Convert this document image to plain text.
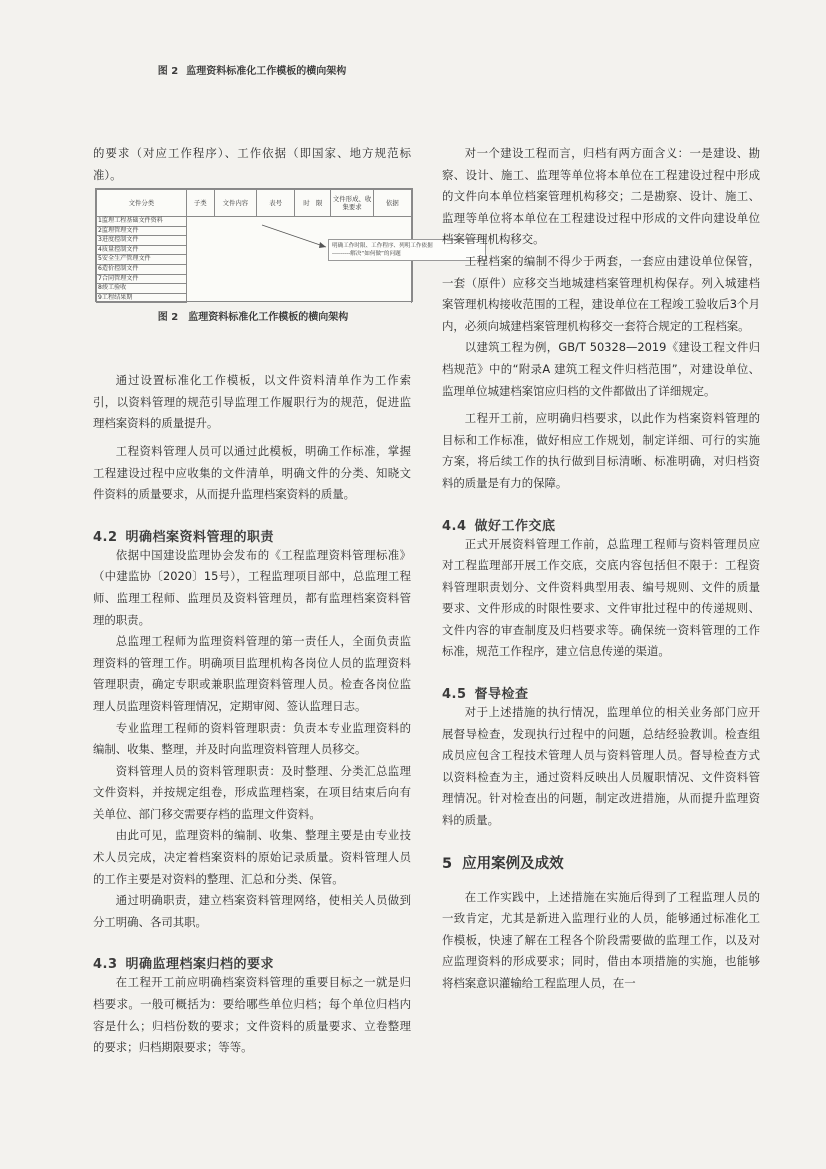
图 2 监理资料标准化工作模板的横向架构
文件分类	子类	文件内容	表号	时　限	文件形成、收集要求	依据
1监理工程基础文件资料						
2监理管理文件						
3进度控制文件						
4质量控制文件						
5安全生产管理文件						
6造价控制文件						
7合同管理文件						
8竣工验收						
9工程结果期						
明确工作时限、工作程序、列明工作依据
---------解决“如何做”的问题
图 2 监理资料标准化工作模板的横向架构

的要求（对应工作程序）、工作依据（即国家、地方规范标准）。

通过设置标准化工作模板，以文件资料清单作为工作索引，以资料管理的规范引导监理工作履职行为的规范，促进监理档案资料的质量提升。

工程资料管理人员可以通过此模板，明确工作标准，掌握工程建设过程中应收集的文件清单，明确文件的分类、知晓文件资料的质量要求，从而提升监理档案资料的质量。

4.2 明确档案资料管理的职责

依据中国建设监理协会发布的《工程监理资料管理标准》（中建监协〔2020〕15号），工程监理项目部中，总监理工程师、监理工程师、监理员及资料管理员，都有监理档案资料管理的职责。

总监理工程师为监理资料管理的第一责任人，全面负责监理资料的管理工作。明确项目监理机构各岗位人员的监理资料管理职责，确定专职或兼职监理资料管理人员。检查各岗位监理人员监理资料管理情况，定期审阅、签认监理日志。

专业监理工程师的资料管理职责：负责本专业监理资料的编制、收集、整理，并及时向监理资料管理人员移交。

资料管理人员的资料管理职责：及时整理、分类汇总监理文件资料，并按规定组卷，形成监理档案，在项目结束后向有关单位、部门移交需要存档的监理文件资料。

由此可见，监理资料的编制、收集、整理主要是由专业技术人员完成，决定着档案资料的原始记录质量。资料管理人员的工作主要是对资料的整理、汇总和分类、保管。

通过明确职责，建立档案资料管理网络，使相关人员做到分工明确、各司其职。

4.3 明确监理档案归档的要求

在工程开工前应明确档案资料管理的重要目标之一就是归档要求。一般可概括为：要给哪些单位归档；每个单位归档内容是什么；归档份数的要求；文件资料的质量要求、立卷整理的要求；归档期限要求；等等。

对一个建设工程而言，归档有两方面含义：一是建设、勘察、设计、施工、监理等单位将本单位在工程建设过程中形成的文件向本单位档案管理机构移交；二是勘察、设计、施工、监理等单位将本单位在工程建设过程中形成的文件向建设单位档案管理机构移交。

工程档案的编制不得少于两套，一套应由建设单位保管，一套（原件）应移交当地城建档案管理机构保存。列入城建档案管理机构接收范围的工程，建设单位在工程竣工验收后3个月内，必须向城建档案管理机构移交一套符合规定的工程档案。

以建筑工程为例，GB/T 50328—2019《建设工程文件归档规范》中的“附录A 建筑工程文件归档范围”，对建设单位、监理单位城建档案馆应归档的文件都做出了详细规定。

工程开工前，应明确归档要求，以此作为档案资料管理的目标和工作标准，做好相应工作规划，制定详细、可行的实施方案，将后续工作的执行做到目标清晰、标准明确，对归档资料的质量是有力的保障。

4.4 做好工作交底

正式开展资料管理工作前，总监理工程师与资料管理员应对工程监理部开展工作交底，交底内容包括但不限于：工程资料管理职责划分、文件资料典型用表、编号规则、文件的质量要求、文件形成的时限性要求、文件审批过程中的传递规则、文件内容的审查制度及归档要求等。确保统一资料管理的工作标准，规范工作程序，建立信息传递的渠道。

4.5 督导检查

对于上述措施的执行情况，监理单位的相关业务部门应开展督导检查，发现执行过程中的问题，总结经验教训。检查组成员应包含工程技术管理人员与资料管理人员。督导检查方式以资料检查为主，通过资料反映出人员履职情况、文件资料管理情况。针对检查出的问题，制定改进措施，从而提升监理资料的质量。

5 应用案例及成效

在工作实践中，上述措施在实施后得到了工程监理人员的一致肯定，尤其是新进入监理行业的人员，能够通过标准化工作模板，快速了解在工程各个阶段需要做的监理工作，以及对应监理资料的形成要求；同时，借由本项措施的实施，也能够将档案意识灌输给工程监理人员，在一
